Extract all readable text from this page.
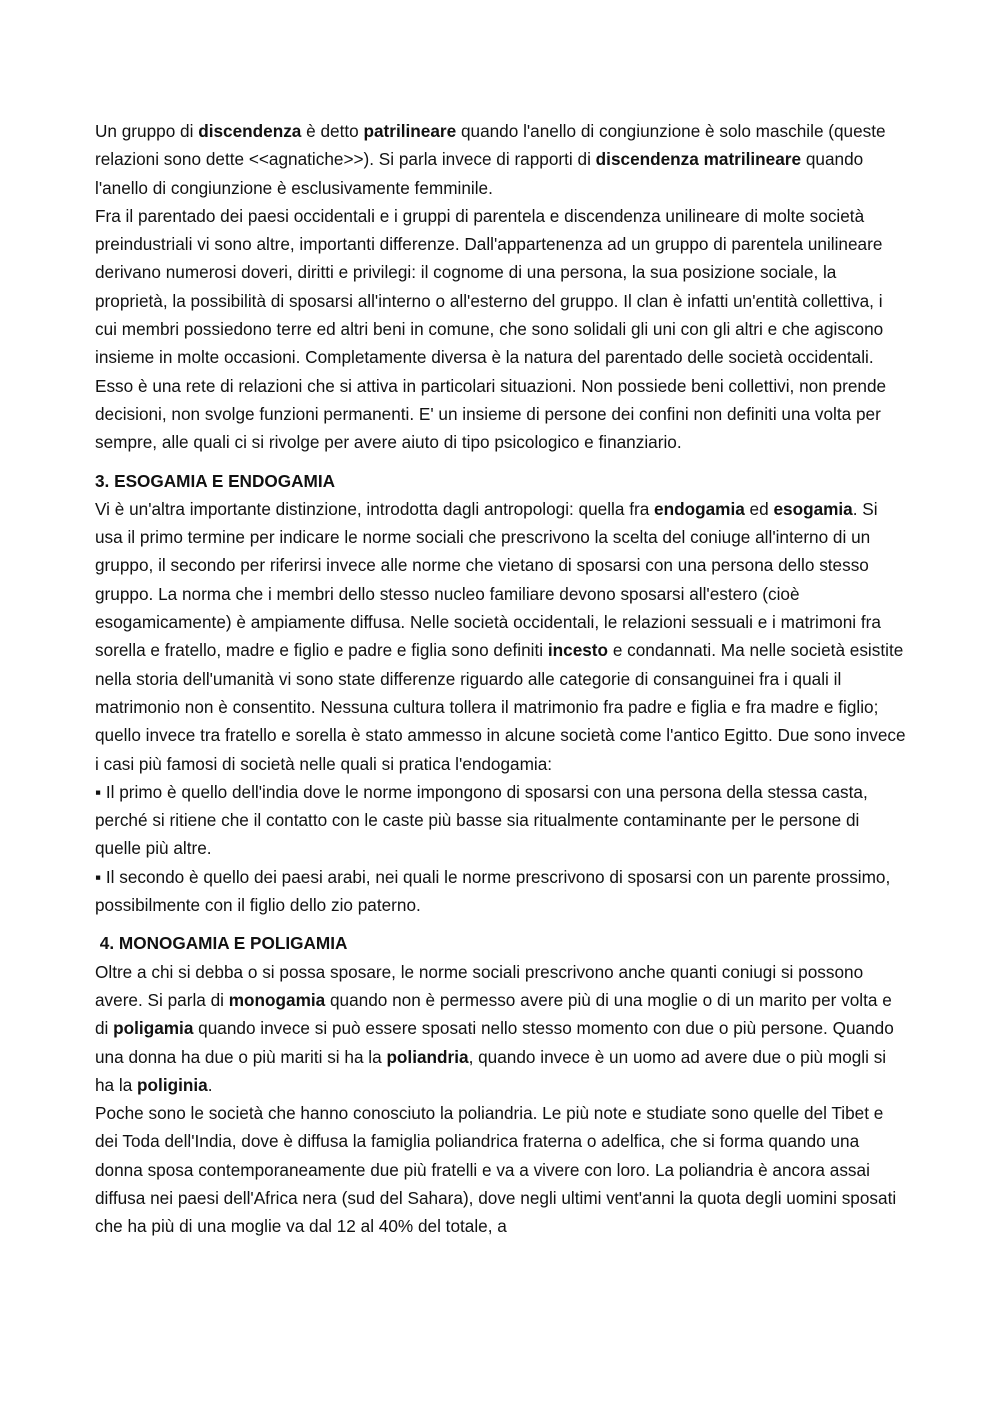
Un gruppo di discendenza è detto patrilineare quando l'anello di congiunzione è solo maschile (queste relazioni sono dette <<agnatiche>>). Si parla invece di rapporti di discendenza matrilineare quando l'anello di congiunzione è esclusivamente femminile.

Fra il parentado dei paesi occidentali e i gruppi di parentela e discendenza unilineare di molte società preindustriali vi sono altre, importanti differenze. Dall'appartenenza ad un gruppo di parentela unilineare derivano numerosi doveri, diritti e privilegi: il cognome di una persona, la sua posizione sociale, la proprietà, la possibilità di sposarsi all'interno o all'esterno del gruppo. Il clan è infatti un'entità collettiva, i cui membri possiedono terre ed altri beni in comune, che sono solidali gli uni con gli altri e che agiscono insieme in molte occasioni. Completamente diversa è la natura del parentado delle società occidentali. Esso è una rete di relazioni che si attiva in particolari situazioni. Non possiede beni collettivi, non prende decisioni, non svolge funzioni permanenti. E' un insieme di persone dei confini non definiti una volta per sempre, alle quali ci si rivolge per avere aiuto di tipo psicologico e finanziario.

3. ESOGAMIA E ENDOGAMIA

Vi è un'altra importante distinzione, introdotta dagli antropologi: quella fra endogamia ed esogamia. Si usa il primo termine per indicare le norme sociali che prescrivono la scelta del coniuge all'interno di un gruppo, il secondo per riferirsi invece alle norme che vietano di sposarsi con una persona dello stesso gruppo. La norma che i membri dello stesso nucleo familiare devono sposarsi all'estero (cioè esogamicamente) è ampiamente diffusa. Nelle società occidentali, le relazioni sessuali e i matrimoni fra sorella e fratello, madre e figlio e padre e figlia sono definiti incesto e condannati. Ma nelle società esistite nella storia dell'umanità vi sono state differenze riguardo alle categorie di consanguinei fra i quali il matrimonio non è consentito. Nessuna cultura tollera il matrimonio fra padre e figlia e fra madre e figlio; quello invece tra fratello e sorella è stato ammesso in alcune società come l'antico Egitto. Due sono invece i casi più famosi di società nelle quali si pratica l'endogamia:

▪ Il primo è quello dell'india dove le norme impongono di sposarsi con una persona della stessa casta, perché si ritiene che il contatto con le caste più basse sia ritualmente contaminante per le persone di quelle più altre.

▪ Il secondo è quello dei paesi arabi, nei quali le norme prescrivono di sposarsi con un parente prossimo, possibilmente con il figlio dello zio paterno.

4. MONOGAMIA E POLIGAMIA

Oltre a chi si debba o si possa sposare, le norme sociali prescrivono anche quanti coniugi si possono avere. Si parla di monogamia quando non è permesso avere più di una moglie o di un marito per volta e di poligamia quando invece si può essere sposati nello stesso momento con due o più persone. Quando una donna ha due o più mariti si ha la poliandria, quando invece è un uomo ad avere due o più mogli si ha la poliginia.

Poche sono le società che hanno conosciuto la poliandria. Le più note e studiate sono quelle del Tibet e dei Toda dell'India, dove è diffusa la famiglia poliandrica fraterna o adelfica, che si forma quando una donna sposa contemporaneamente due più fratelli e va a vivere con loro. La poliandria è ancora assai diffusa nei paesi dell'Africa nera (sud del Sahara), dove negli ultimi vent'anni la quota degli uomini sposati che ha più di una moglie va dal 12 al 40% del totale, a
